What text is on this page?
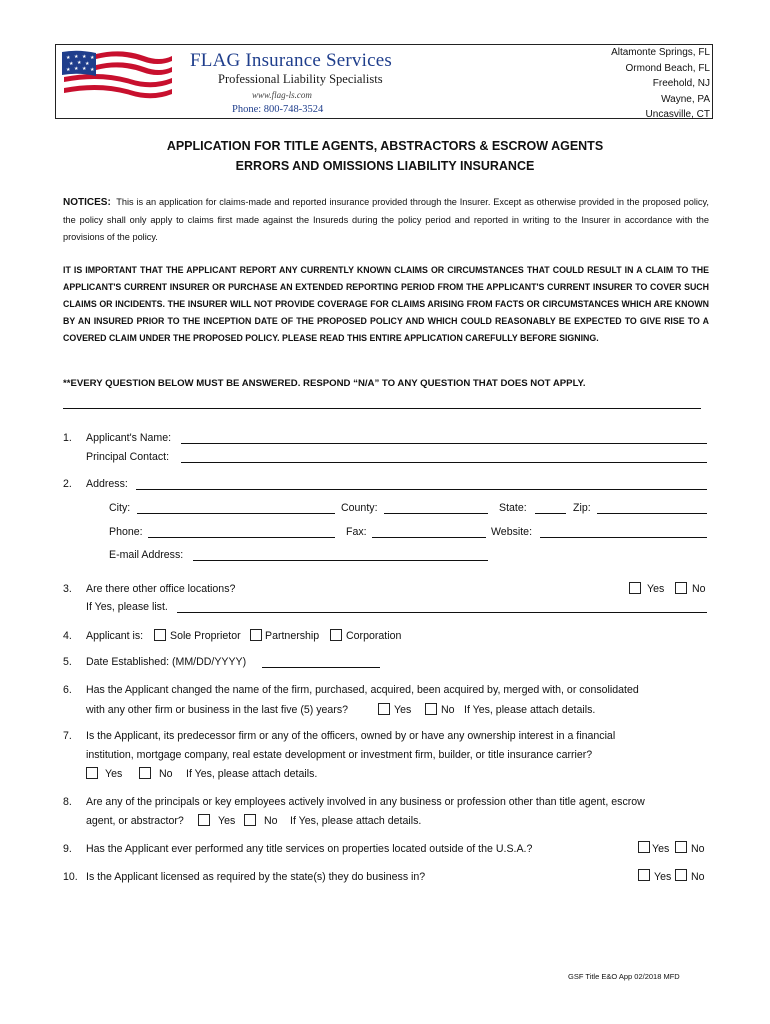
★ ★ ★ ★
★ ★ ★
★ ★ ★ ★	FLAG Insurance Services
Professional Liability Specialists
www.flag-ls.com
Phone: 800-748-3524
Altamonte Springs, FL
Ormond Beach, FL
Freehold, NJ
Wayne, PA
Uncasville, CT
APPLICATION FOR TITLE AGENTS, ABSTRACTORS & ESCROW AGENTS
ERRORS AND OMISSIONS LIABILITY INSURANCE
NOTICES: This is an application for claims-made and reported insurance provided through the Insurer. Except as otherwise provided in the proposed policy, the policy shall only apply to claims first made against the Insureds during the policy period and reported in writing to the Insurer in accordance with the provisions of the policy.
IT IS IMPORTANT THAT THE APPLICANT REPORT ANY CURRENTLY KNOWN CLAIMS OR CIRCUMSTANCES THAT COULD RESULT IN A CLAIM TO THE APPLICANT'S CURRENT INSURER OR PURCHASE AN EXTENDED REPORTING PERIOD FROM THE APPLICANT'S CURRENT INSURER TO COVER SUCH CLAIMS OR INCIDENTS. THE INSURER WILL NOT PROVIDE COVERAGE FOR CLAIMS ARISING FROM FACTS OR CIRCUMSTANCES WHICH ARE KNOWN BY AN INSURED PRIOR TO THE INCEPTION DATE OF THE PROPOSED POLICY AND WHICH COULD REASONABLY BE EXPECTED TO GIVE RISE TO A COVERED CLAIM UNDER THE PROPOSED POLICY. PLEASE READ THIS ENTIRE APPLICATION CAREFULLY BEFORE SIGNING.
**EVERY QUESTION BELOW MUST BE ANSWERED. RESPOND “N/A” TO ANY QUESTION THAT DOES NOT APPLY.
1. Applicant's Name:
Principal Contact:
2. Address:
City:	County:	State:	Zip:
Phone:	Fax:	Website:
E-mail Address:
3. Are there other office locations?	Yes	No
If Yes, please list.
4. Applicant is:	Sole Proprietor Partnership	Corporation
5. Date Established: (MM/DD/YYYY)
6. Has the Applicant changed the name of the firm, purchased, acquired, been acquired by, merged with, or consolidated
with any other firm or business in the last five (5) years?	Yes	No If Yes, please attach details.
7. Is the Applicant, its predecessor firm or any of the officers, owned by or have any ownership interest in a financial
institution, mortgage company, real estate development or investment firm, builder, or title insurance carrier?
Yes	No If Yes, please attach details.
8. Are any of the principals or key employees actively involved in any business or profession other than title agent, escrow
agent, or abstractor?	Yes	No If Yes, please attach details.
9. Has the Applicant ever performed any title services on properties located outside of the U.S.A.?	Yes No
10. Is the Applicant licensed as required by the state(s) they do business in?	Yes No
GSF Title E&O App 02/2018 MFD
